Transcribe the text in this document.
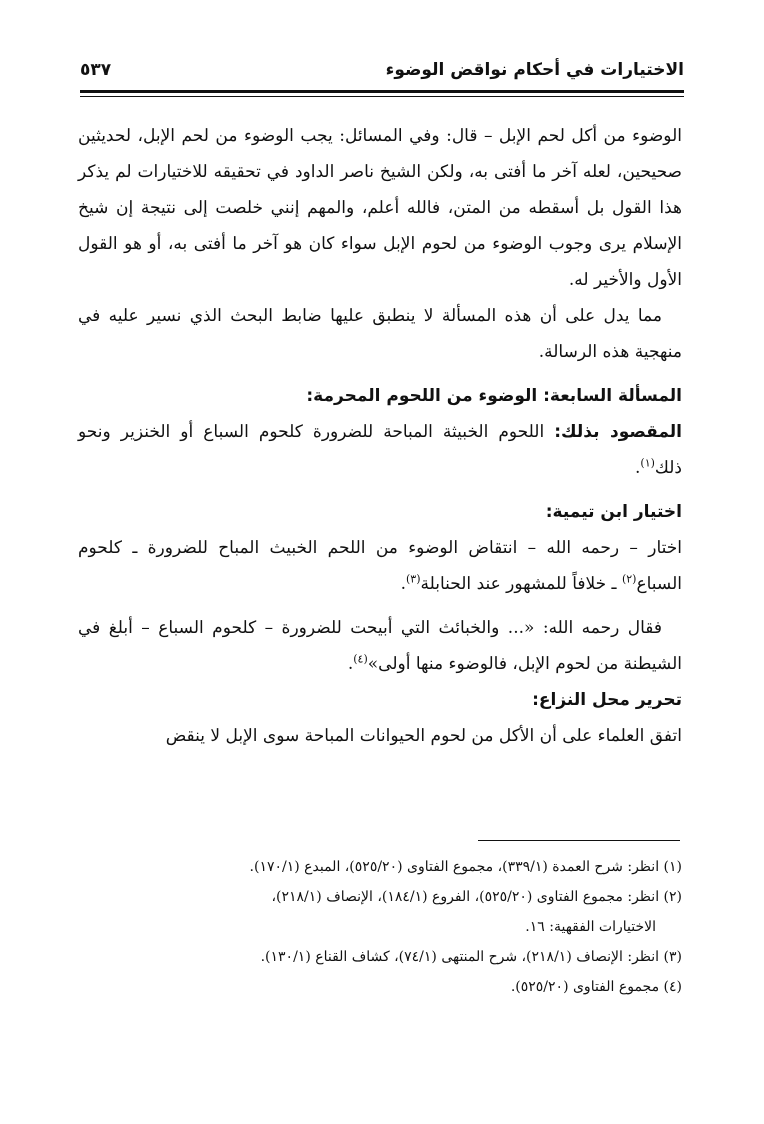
الاختيارات في أحكام نواقض الوضوء
٥٣٧

الوضوء من أكل لحم الإبل – قال: وفي المسائل: يجب الوضوء من لحم الإبل، لحديثين صحيحين، لعله آخر ما أفتى به، ولكن الشيخ ناصر الداود في تحقيقه للاختيارات لم يذكر هذا القول بل أسقطه من المتن، فالله أعلم، والمهم إنني خلصت إلى نتيجة إن شيخ الإسلام يرى وجوب الوضوء من لحوم الإبل سواء كان هو آخر ما أفتى به، أو هو القول الأول والأخير له.

مما يدل على أن هذه المسألة لا ينطبق عليها ضابط البحث الذي نسير عليه في منهجية هذه الرسالة.

المسألة السابعة: الوضوء من اللحوم المحرمة:

المقصود بذلك: اللحوم الخبيثة المباحة للضرورة كلحوم السباع أو الخنزير ونحو ذلك$^{(١)}$.

اختيار ابن تيمية:

اختار – رحمه الله – انتقاض الوضوء من اللحم الخبيث المباح للضرورة ـ كلحوم السباع$^{(٢)}$ ـ خلافاً للمشهور عند الحنابلة$^{(٣)}$.

فقال رحمه الله: «... والخبائث التي أبيحت للضرورة – كلحوم السباع – أبلغ في الشيطنة من لحوم الإبل، فالوضوء منها أولى»$^{(٤)}$.

تحرير محل النزاع:

اتفق العلماء على أن الأكل من لحوم الحيوانات المباحة سوى الإبل لا ينقض

(١) انظر: شرح العمدة (٣٣٩/١)، مجموع الفتاوى (٥٢٥/٢٠)، المبدع (١٧٠/١).

(٢) انظر: مجموع الفتاوى (٥٢٥/٢٠)، الفروع (١٨٤/١)، الإنصاف (٢١٨/١)،

الاختيارات الفقهية: ١٦.

(٣) انظر: الإنصاف (٢١٨/١)، شرح المنتهى (٧٤/١)، كشاف القناع (١٣٠/١).

(٤) مجموع الفتاوى (٥٢٥/٢٠).
